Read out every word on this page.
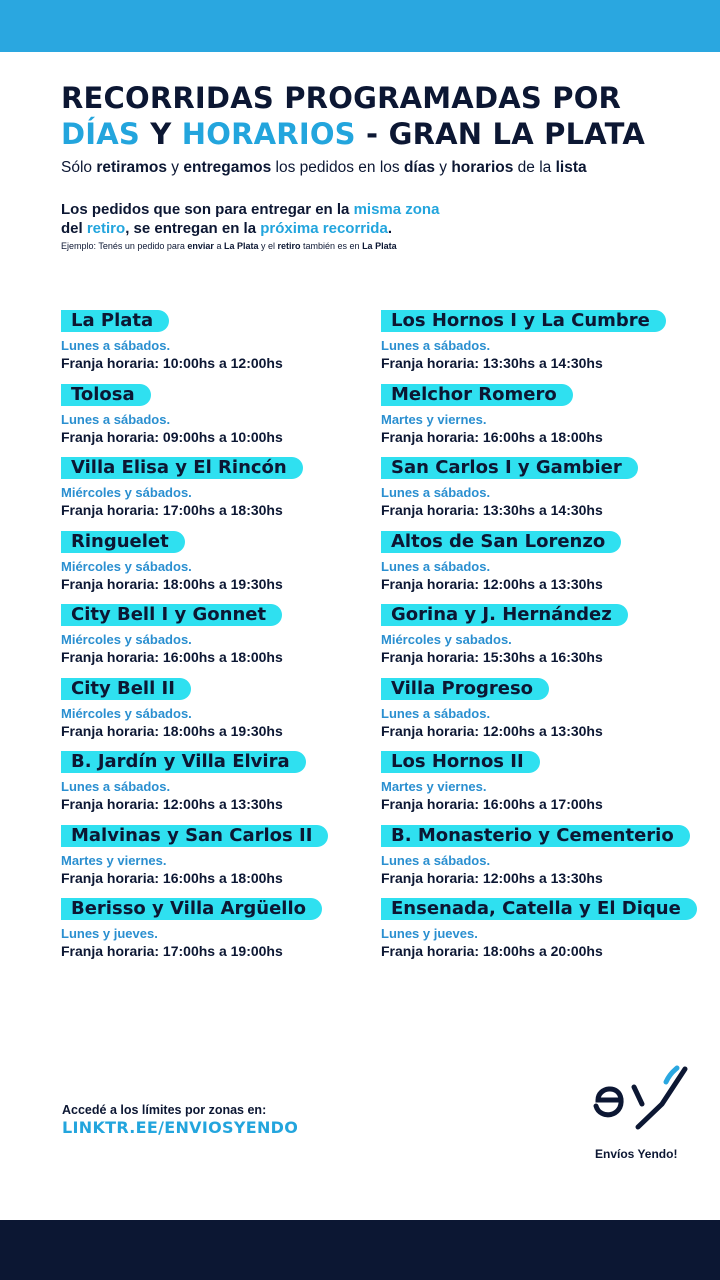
RECORRIDAS PROGRAMADAS POR
DÍAS Y HORARIOS - GRAN LA PLATA
Sólo retiramos y entregamos los pedidos en los días y horarios de la lista
Los pedidos que son para entregar en la misma zona
del retiro, se entregan en la próxima recorrida.
Ejemplo: Tenés un pedido para enviar a La Plata y el retiro también es en La Plata
La Plata
Lunes a sábados.
Franja horaria: 10:00hs a 12:00hs
Tolosa
Lunes a sábados.
Franja horaria: 09:00hs a 10:00hs
Villa Elisa y El Rincón
Miércoles y sábados.
Franja horaria: 17:00hs a 18:30hs
Ringuelet
Miércoles y sábados.
Franja horaria: 18:00hs a 19:30hs
City Bell I y Gonnet
Miércoles y sábados.
Franja horaria: 16:00hs a 18:00hs
City Bell II
Miércoles y sábados.
Franja horaria: 18:00hs a 19:30hs
B. Jardín y Villa Elvira
Lunes a sábados.
Franja horaria: 12:00hs a 13:30hs
Malvinas y San Carlos II
Martes y viernes.
Franja horaria: 16:00hs a 18:00hs
Berisso y Villa Argüello
Lunes y jueves.
Franja horaria: 17:00hs a 19:00hs
Los Hornos I y La Cumbre
Lunes a sábados.
Franja horaria: 13:30hs a 14:30hs
Melchor Romero
Martes y viernes.
Franja horaria: 16:00hs a 18:00hs
San Carlos I y Gambier
Lunes a sábados.
Franja horaria: 13:30hs a 14:30hs
Altos de San Lorenzo
Lunes a sábados.
Franja horaria: 12:00hs a 13:30hs
Gorina y J. Hernández
Miércoles y sabados.
Franja horaria: 15:30hs a 16:30hs
Villa Progreso
Lunes a sábados.
Franja horaria: 12:00hs a 13:30hs
Los Hornos II
Martes y viernes.
Franja horaria: 16:00hs a 17:00hs
B. Monasterio y Cementerio
Lunes a sábados.
Franja horaria: 12:00hs a 13:30hs
Ensenada, Catella y El Dique
Lunes y jueves.
Franja horaria: 18:00hs a 20:00hs
Accedé a los límites por zonas en:
LINKTR.EE/ENVIOSYENDO
Envíos Yendo!
